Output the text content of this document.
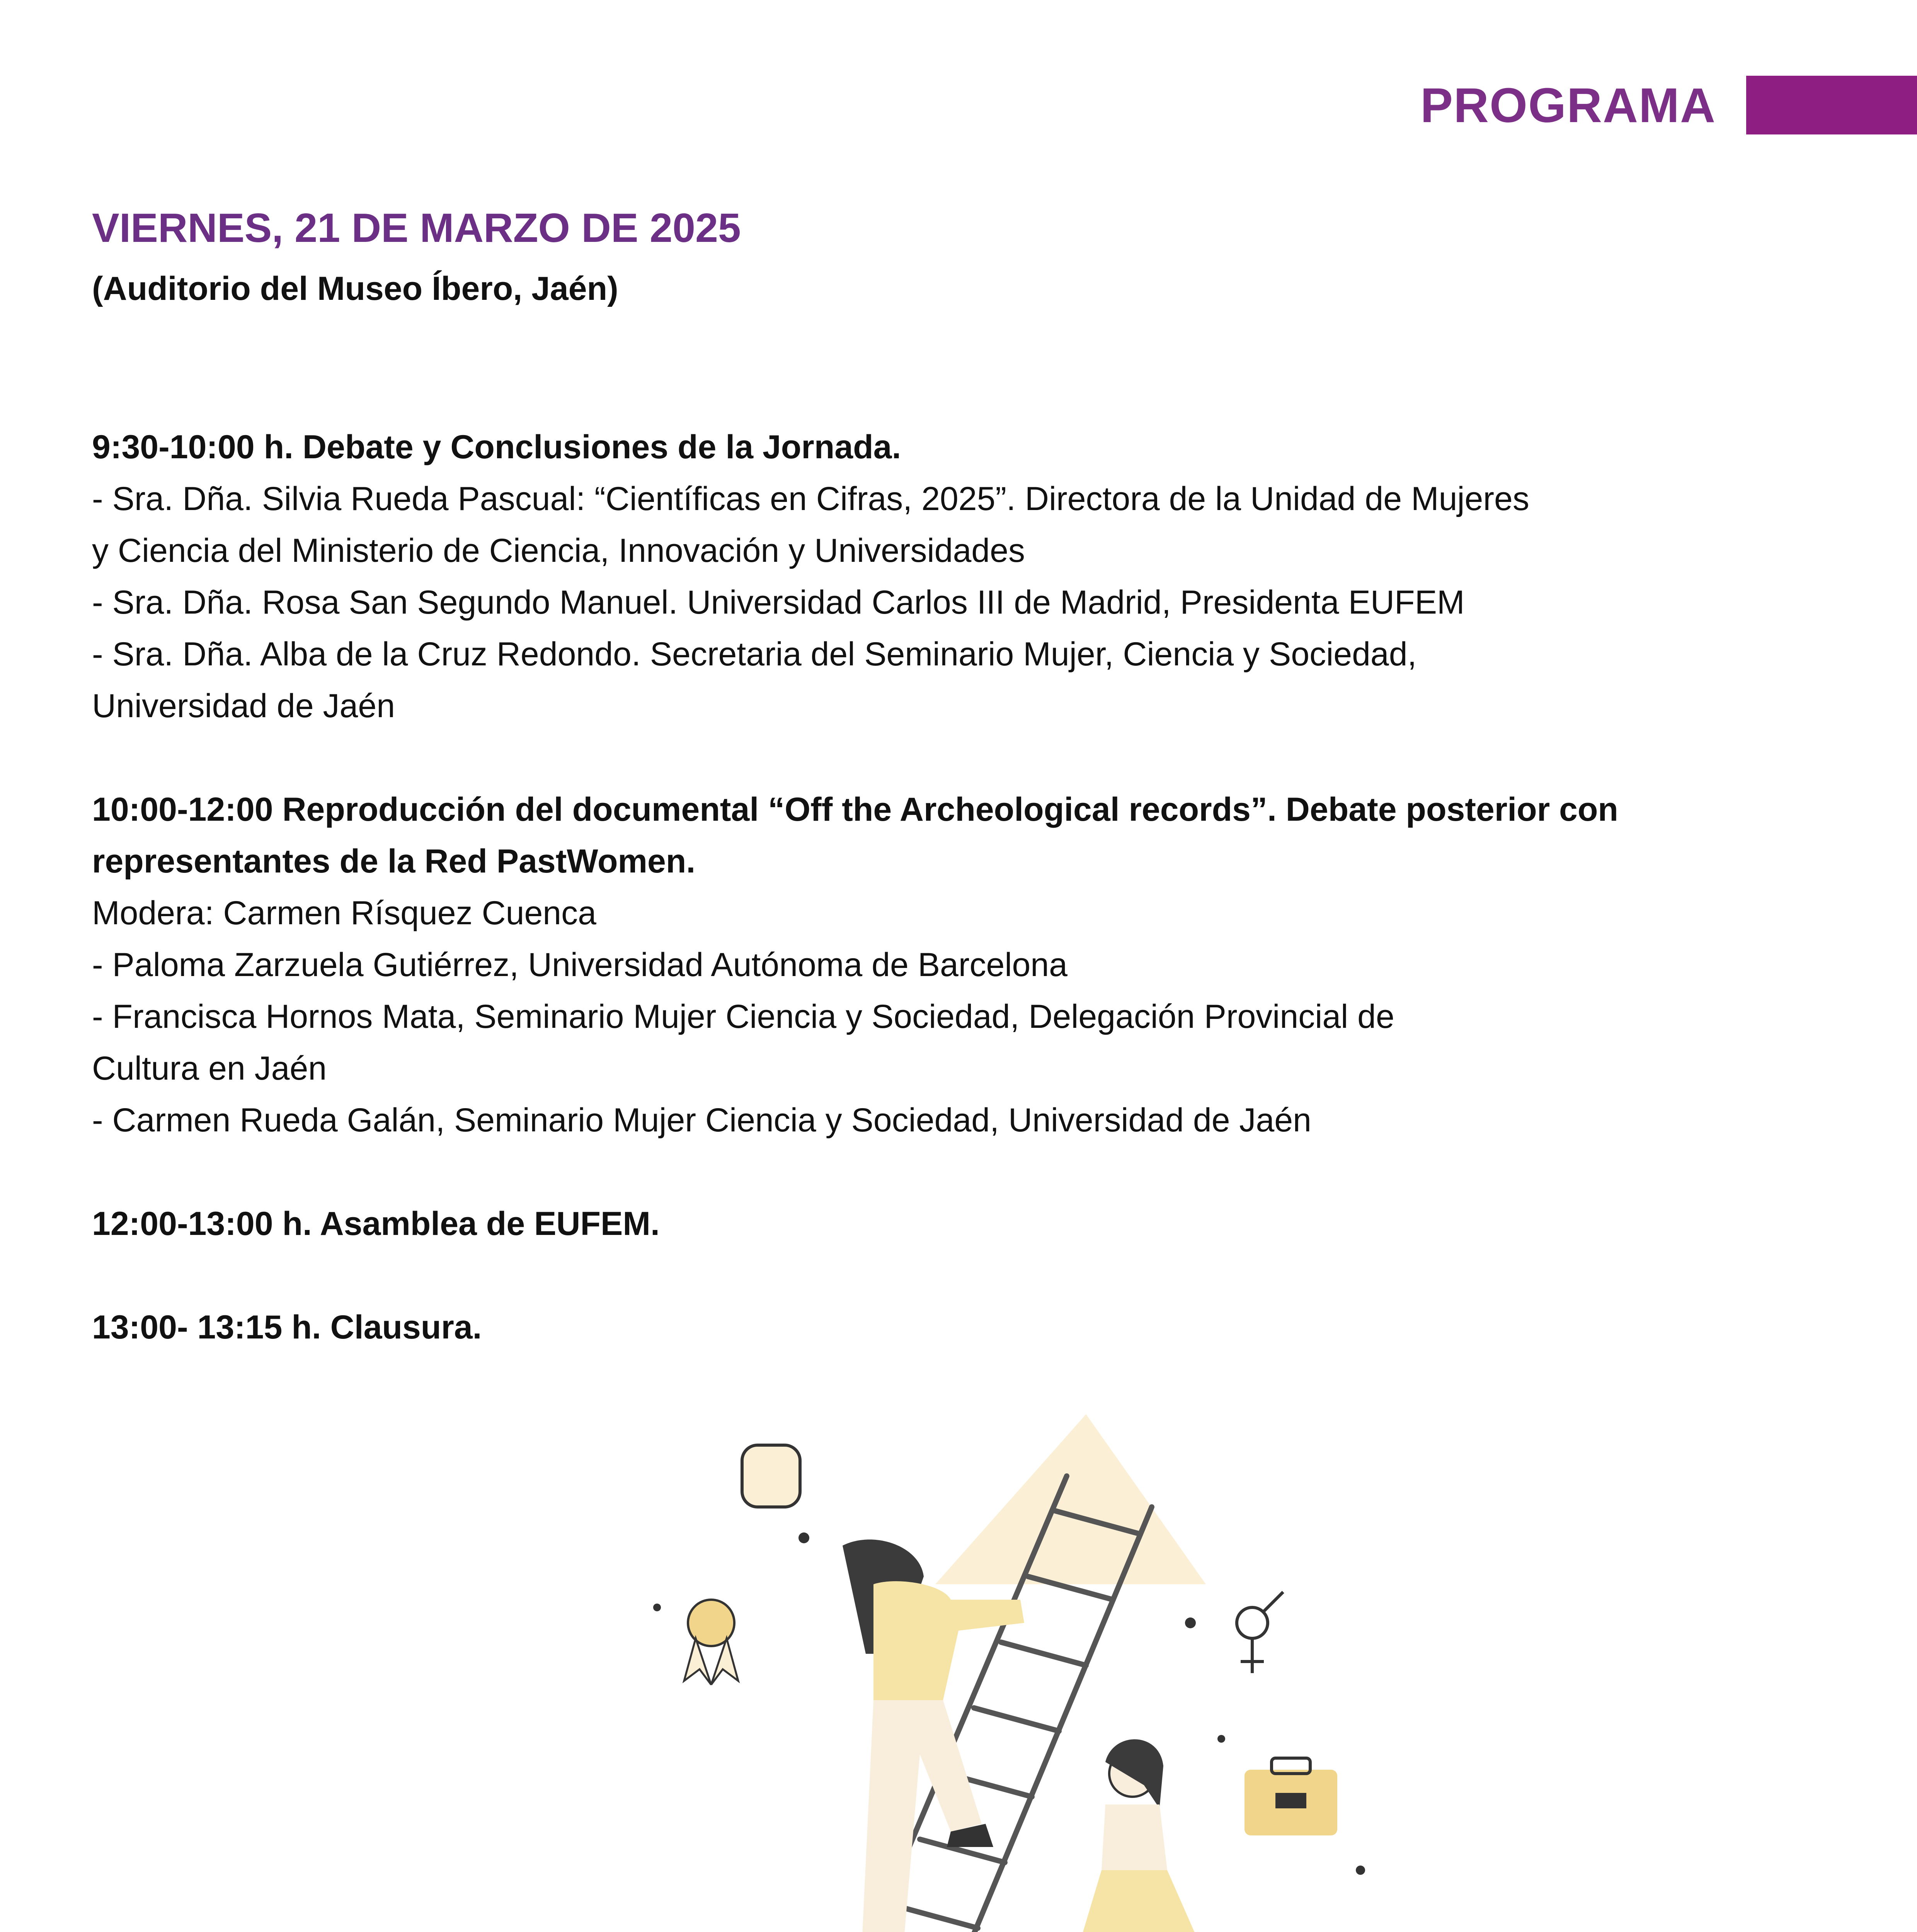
PROGRAMA
VIERNES, 21 DE MARZO DE 2025
(Auditorio del Museo Íbero, Jaén)

9:30-10:00 h. Debate y Conclusiones de la Jornada.

- Sra. Dña. Silvia Rueda Pascual: “Científicas en Cifras, 2025”. Directora de la Unidad de Mujeres

y Ciencia del Ministerio de Ciencia, Innovación y Universidades

- Sra. Dña. Rosa San Segundo Manuel. Universidad Carlos III de Madrid, Presidenta EUFEM

- Sra. Dña. Alba de la Cruz Redondo. Secretaria del Seminario Mujer, Ciencia y Sociedad,

Universidad de Jaén

10:00-12:00 Reproducción del documental “Off the Archeological records”. Debate posterior con

representantes de la Red PastWomen.

Modera: Carmen Rísquez Cuenca

- Paloma Zarzuela Gutiérrez, Universidad Autónoma de Barcelona

- Francisca Hornos Mata, Seminario Mujer Ciencia y Sociedad, Delegación Provincial de

Cultura en Jaén

- Carmen Rueda Galán, Seminario Mujer Ciencia y Sociedad, Universidad de Jaén

12:00-13:00 h. Asamblea de EUFEM.

13:00- 13:15 h. Clausura.
